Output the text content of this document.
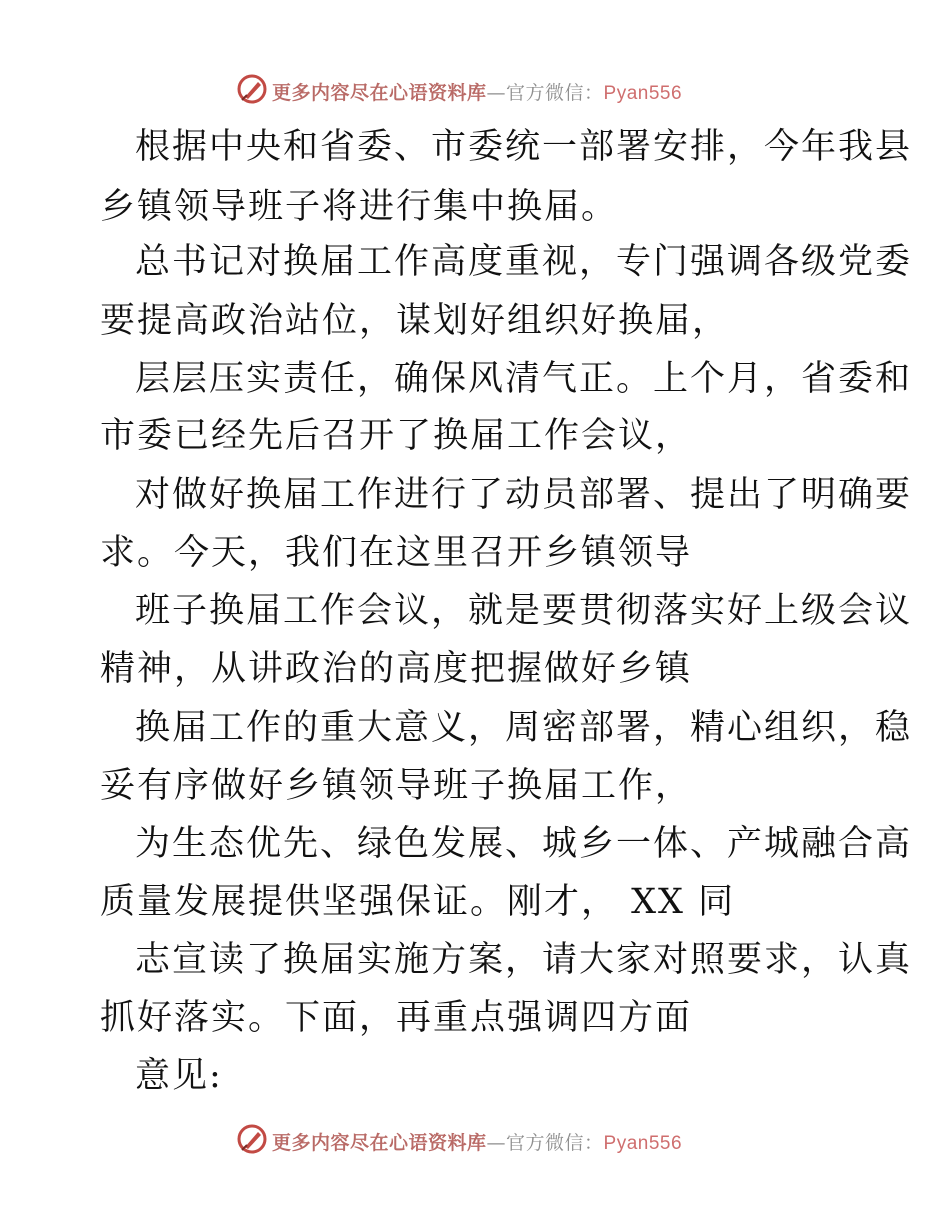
更多内容尽在心语资料库—官方微信：Pyan556
根据中央和省委、市委统一部署安排，今年我县
乡镇领导班子将进行集中换届。
总书记对换届工作高度重视，专门强调各级党委
要提高政治站位，谋划好组织好换届，
层层压实责任，确保风清气正。上个月，省委和
市委已经先后召开了换届工作会议，
对做好换届工作进行了动员部署、提出了明确要
求。今天，我们在这里召开乡镇领导
班子换届工作会议，就是要贯彻落实好上级会议
精神，从讲政治的高度把握做好乡镇
换届工作的重大意义，周密部署，精心组织，稳
妥有序做好乡镇领导班子换届工作，
为生态优先、绿色发展、城乡一体、产城融合高
质量发展提供坚强保证。刚才， XX 同
志宣读了换届实施方案，请大家对照要求，认真
抓好落实。下面，再重点强调四方面
意见:
更多内容尽在心语资料库—官方微信：Pyan556
